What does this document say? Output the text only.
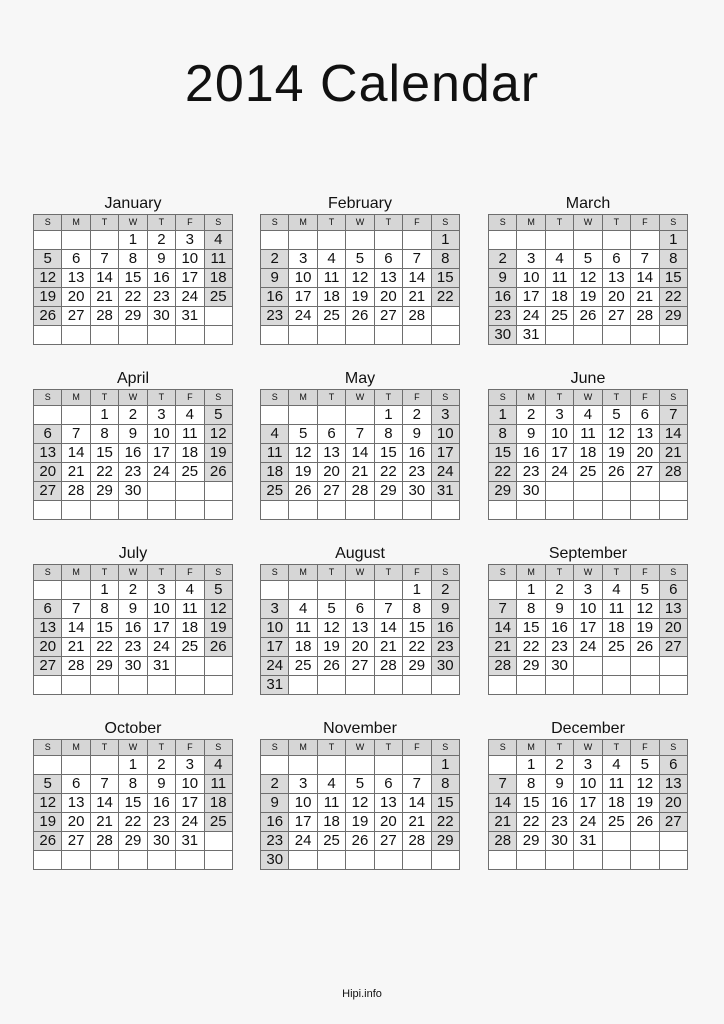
2014 Calendar
January
S	M	T	W	T	F	S
			1	2	3	4
5	6	7	8	9	10	11
12	13	14	15	16	17	18
19	20	21	22	23	24	25
26	27	28	29	30	31	

February
S	M	T	W	T	F	S
						1
2	3	4	5	6	7	8
9	10	11	12	13	14	15
16	17	18	19	20	21	22
23	24	25	26	27	28	

March
S	M	T	W	T	F	S
						1
2	3	4	5	6	7	8
9	10	11	12	13	14	15
16	17	18	19	20	21	22
23	24	25	26	27	28	29
30	31					
April
S	M	T	W	T	F	S
		1	2	3	4	5
6	7	8	9	10	11	12
13	14	15	16	17	18	19
20	21	22	23	24	25	26
27	28	29	30			

May
S	M	T	W	T	F	S
				1	2	3
4	5	6	7	8	9	10
11	12	13	14	15	16	17
18	19	20	21	22	23	24
25	26	27	28	29	30	31

June
S	M	T	W	T	F	S
1	2	3	4	5	6	7
8	9	10	11	12	13	14
15	16	17	18	19	20	21
22	23	24	25	26	27	28
29	30					

July
S	M	T	W	T	F	S
		1	2	3	4	5
6	7	8	9	10	11	12
13	14	15	16	17	18	19
20	21	22	23	24	25	26
27	28	29	30	31		

August
S	M	T	W	T	F	S
					1	2
3	4	5	6	7	8	9
10	11	12	13	14	15	16
17	18	19	20	21	22	23
24	25	26	27	28	29	30
31						
September
S	M	T	W	T	F	S
	1	2	3	4	5	6
7	8	9	10	11	12	13
14	15	16	17	18	19	20
21	22	23	24	25	26	27
28	29	30				

October
S	M	T	W	T	F	S
			1	2	3	4
5	6	7	8	9	10	11
12	13	14	15	16	17	18
19	20	21	22	23	24	25
26	27	28	29	30	31	

November
S	M	T	W	T	F	S
						1
2	3	4	5	6	7	8
9	10	11	12	13	14	15
16	17	18	19	20	21	22
23	24	25	26	27	28	29
30						
December
S	M	T	W	T	F	S
	1	2	3	4	5	6
7	8	9	10	11	12	13
14	15	16	17	18	19	20
21	22	23	24	25	26	27
28	29	30	31			

Hipi.info
